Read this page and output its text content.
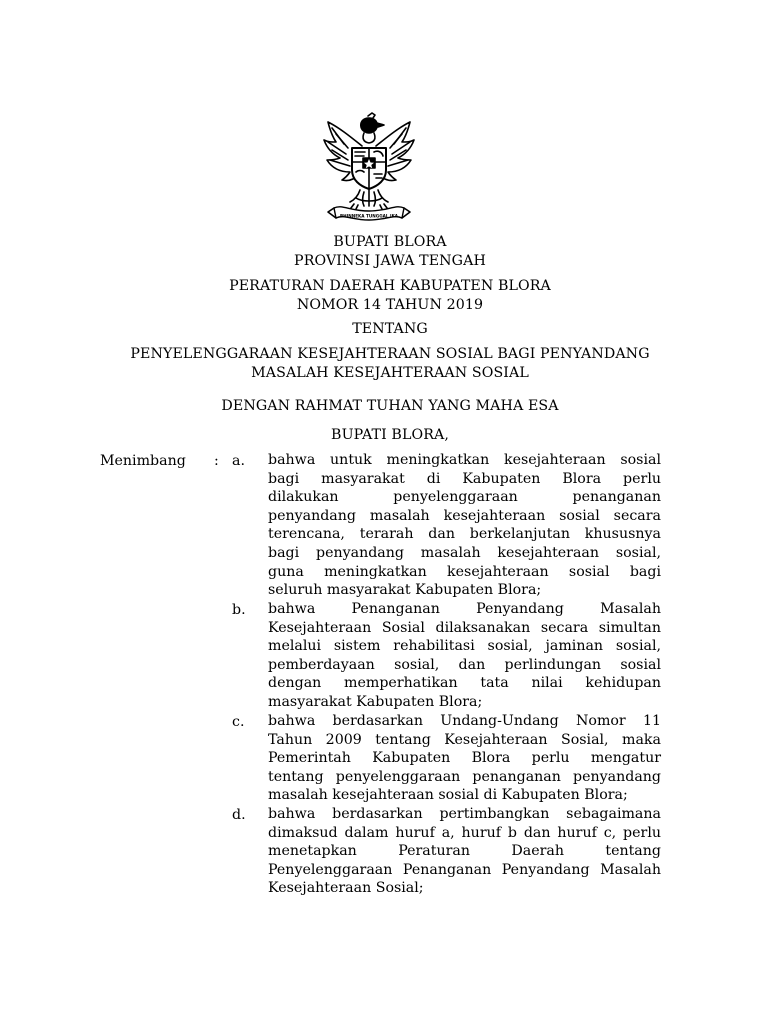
BHINNEKA TUNGGAL IKA
BUPATI BLORA
PROVINSI JAWA TENGAH
PERATURAN DAERAH KABUPATEN BLORA
NOMOR 14 TAHUN 2019
TENTANG
PENYELENGGARAAN KESEJAHTERAAN SOSIAL BAGI PENYANDANG
MASALAH KESEJAHTERAAN SOSIAL
DENGAN RAHMAT TUHAN YANG MAHA ESA
BUPATI BLORA,
Menimbang : a. bahwa untuk meningkatkan kesejahteraan sosial
bagi masyarakat di Kabupaten Blora perlu
dilakukan penyelenggaraan penanganan
penyandang masalah kesejahteraan sosial secara
terencana, terarah dan berkelanjutan khususnya
bagi penyandang masalah kesejahteraan sosial,
guna meningkatkan kesejahteraan sosial bagi
seluruh masyarakat Kabupaten Blora;
b. bahwa Penanganan Penyandang Masalah
Kesejahteraan Sosial dilaksanakan secara simultan
melalui sistem rehabilitasi sosial, jaminan sosial,
pemberdayaan sosial, dan perlindungan sosial
dengan memperhatikan tata nilai kehidupan
masyarakat Kabupaten Blora;
c. bahwa berdasarkan Undang-Undang Nomor 11
Tahun 2009 tentang Kesejahteraan Sosial, maka
Pemerintah Kabupaten Blora perlu mengatur
tentang penyelenggaraan penanganan penyandang
masalah kesejahteraan sosial di Kabupaten Blora;
d. bahwa berdasarkan pertimbangkan sebagaimana
dimaksud dalam huruf a, huruf b dan huruf c, perlu
menetapkan Peraturan Daerah tentang
Penyelenggaraan Penanganan Penyandang Masalah
Kesejahteraan Sosial;
